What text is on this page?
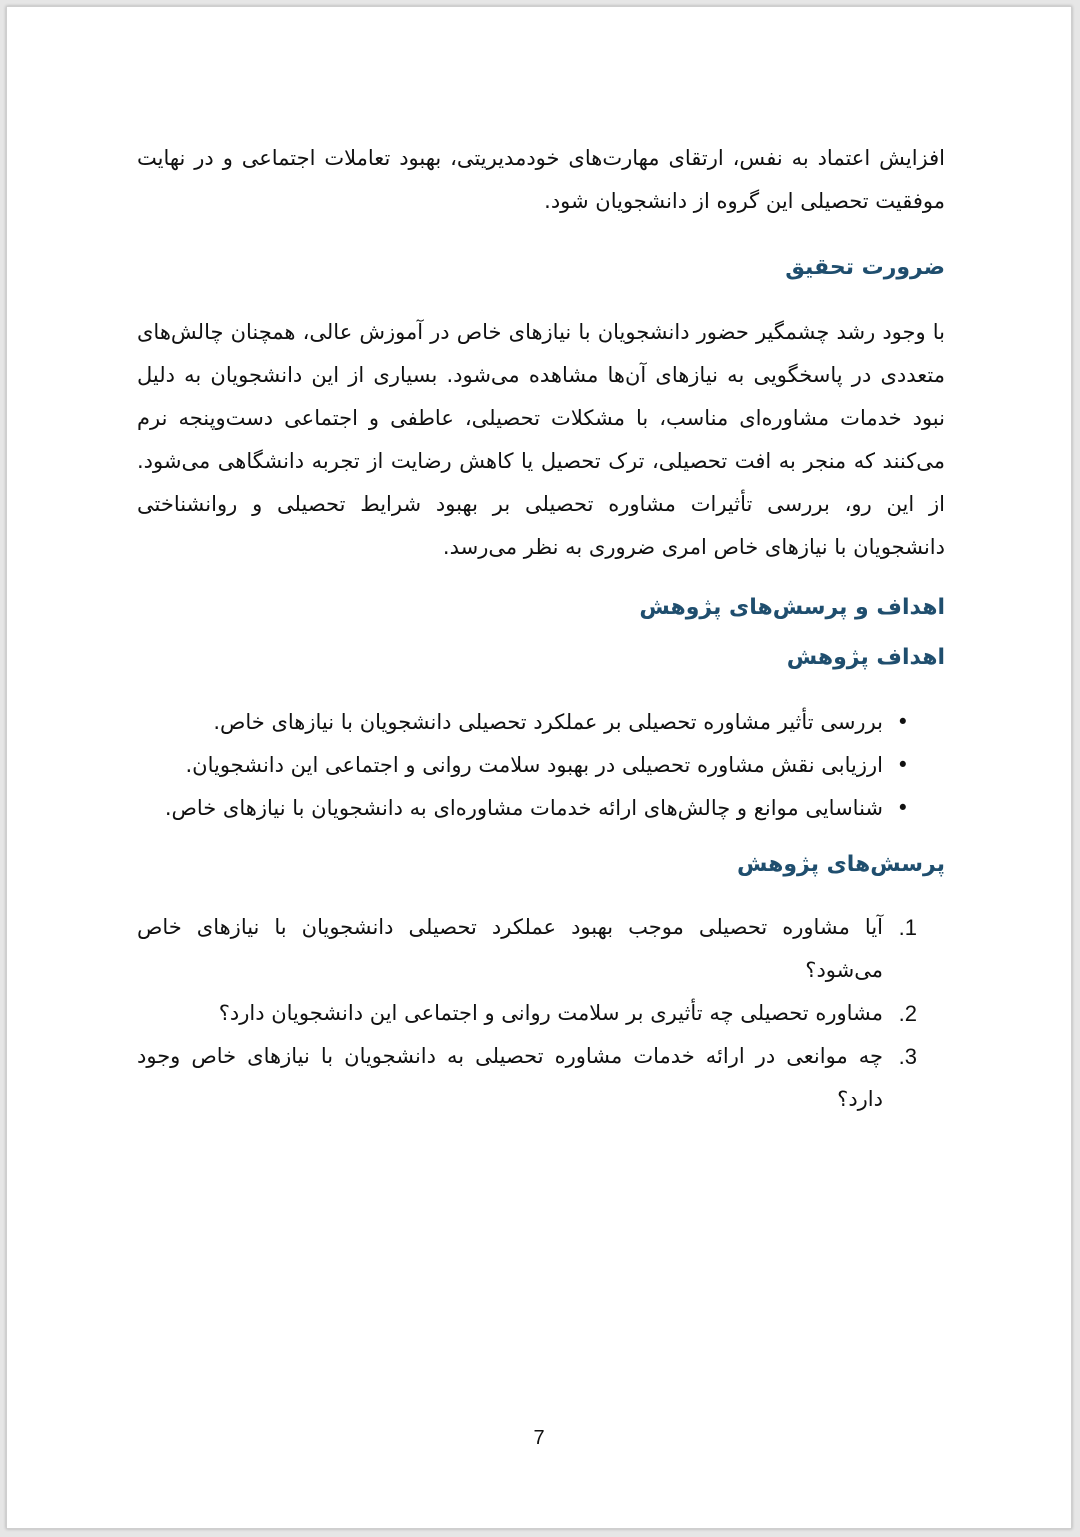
افزایش اعتماد به نفس، ارتقای مهارت‌های خودمدیریتی، بهبود تعاملات اجتماعی و در نهایت موفقیت تحصیلی این گروه از دانشجویان شود.

ضرورت تحقیق

با وجود رشد چشمگیر حضور دانشجویان با نیازهای خاص در آموزش عالی، همچنان چالش‌های متعددی در پاسخگویی به نیازهای آن‌ها مشاهده می‌شود. بسیاری از این دانشجویان به دلیل نبود خدمات مشاوره‌ای مناسب، با مشکلات تحصیلی، عاطفی و اجتماعی دست‌وپنجه نرم می‌کنند که منجر به افت تحصیلی، ترک تحصیل یا کاهش رضایت از تجربه دانشگاهی می‌شود. از این رو، بررسی تأثیرات مشاوره تحصیلی بر بهبود شرایط تحصیلی و روانشناختی دانشجویان با نیازهای خاص امری ضروری به نظر می‌رسد.

اهداف و پرسش‌های پژوهش
اهداف پژوهش
•
بررسی تأثیر مشاوره تحصیلی بر عملکرد تحصیلی دانشجویان با نیازهای خاص.
•
ارزیابی نقش مشاوره تحصیلی در بهبود سلامت روانی و اجتماعی این دانشجویان.
•
شناسایی موانع و چالش‌های ارائه خدمات مشاوره‌ای به دانشجویان با نیازهای خاص.
پرسش‌های پژوهش
1.
آیا مشاوره تحصیلی موجب بهبود عملکرد تحصیلی دانشجویان با نیازهای خاص می‌شود؟
2.
مشاوره تحصیلی چه تأثیری بر سلامت روانی و اجتماعی این دانشجویان دارد؟
3.
چه موانعی در ارائه خدمات مشاوره تحصیلی به دانشجویان با نیازهای خاص وجود دارد؟
7
